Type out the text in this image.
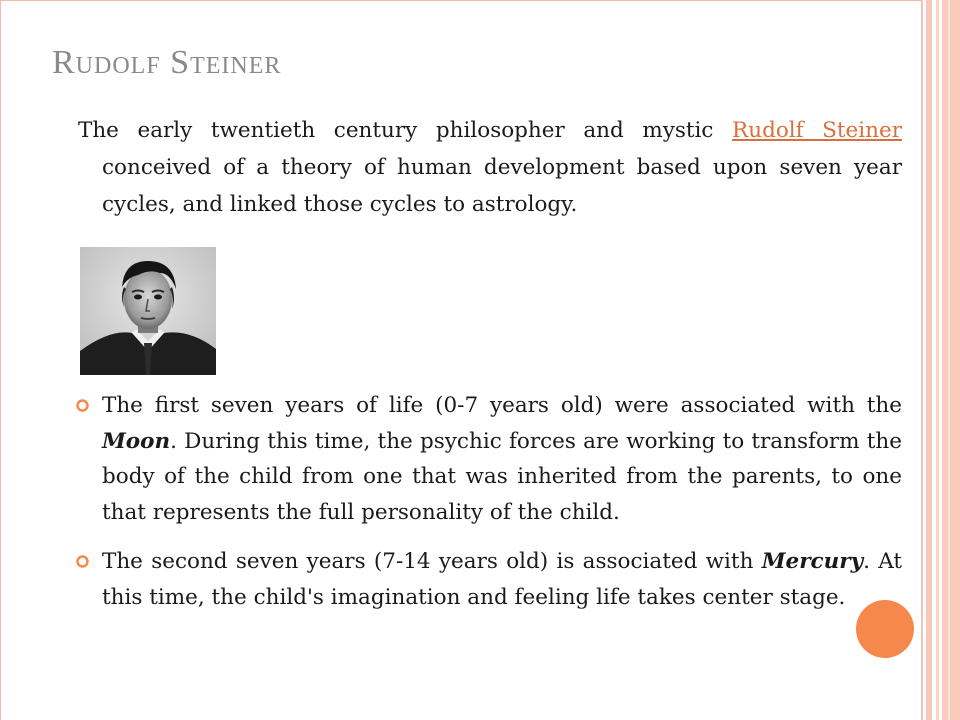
Rudolf Steiner

The early twentieth century philosopher and mystic Rudolf Steiner conceived of a theory of human development based upon seven year cycles, and linked those cycles to astrology.

The first seven years of life (0-7 years old) were associated with the Moon. During this time, the psychic forces are working to transform the body of the child from one that was inherited from the parents, to one that represents the full personality of the child.
The second seven years (7-14 years old) is associated with Mercury. At this time, the child's imagination and feeling life takes center stage.
